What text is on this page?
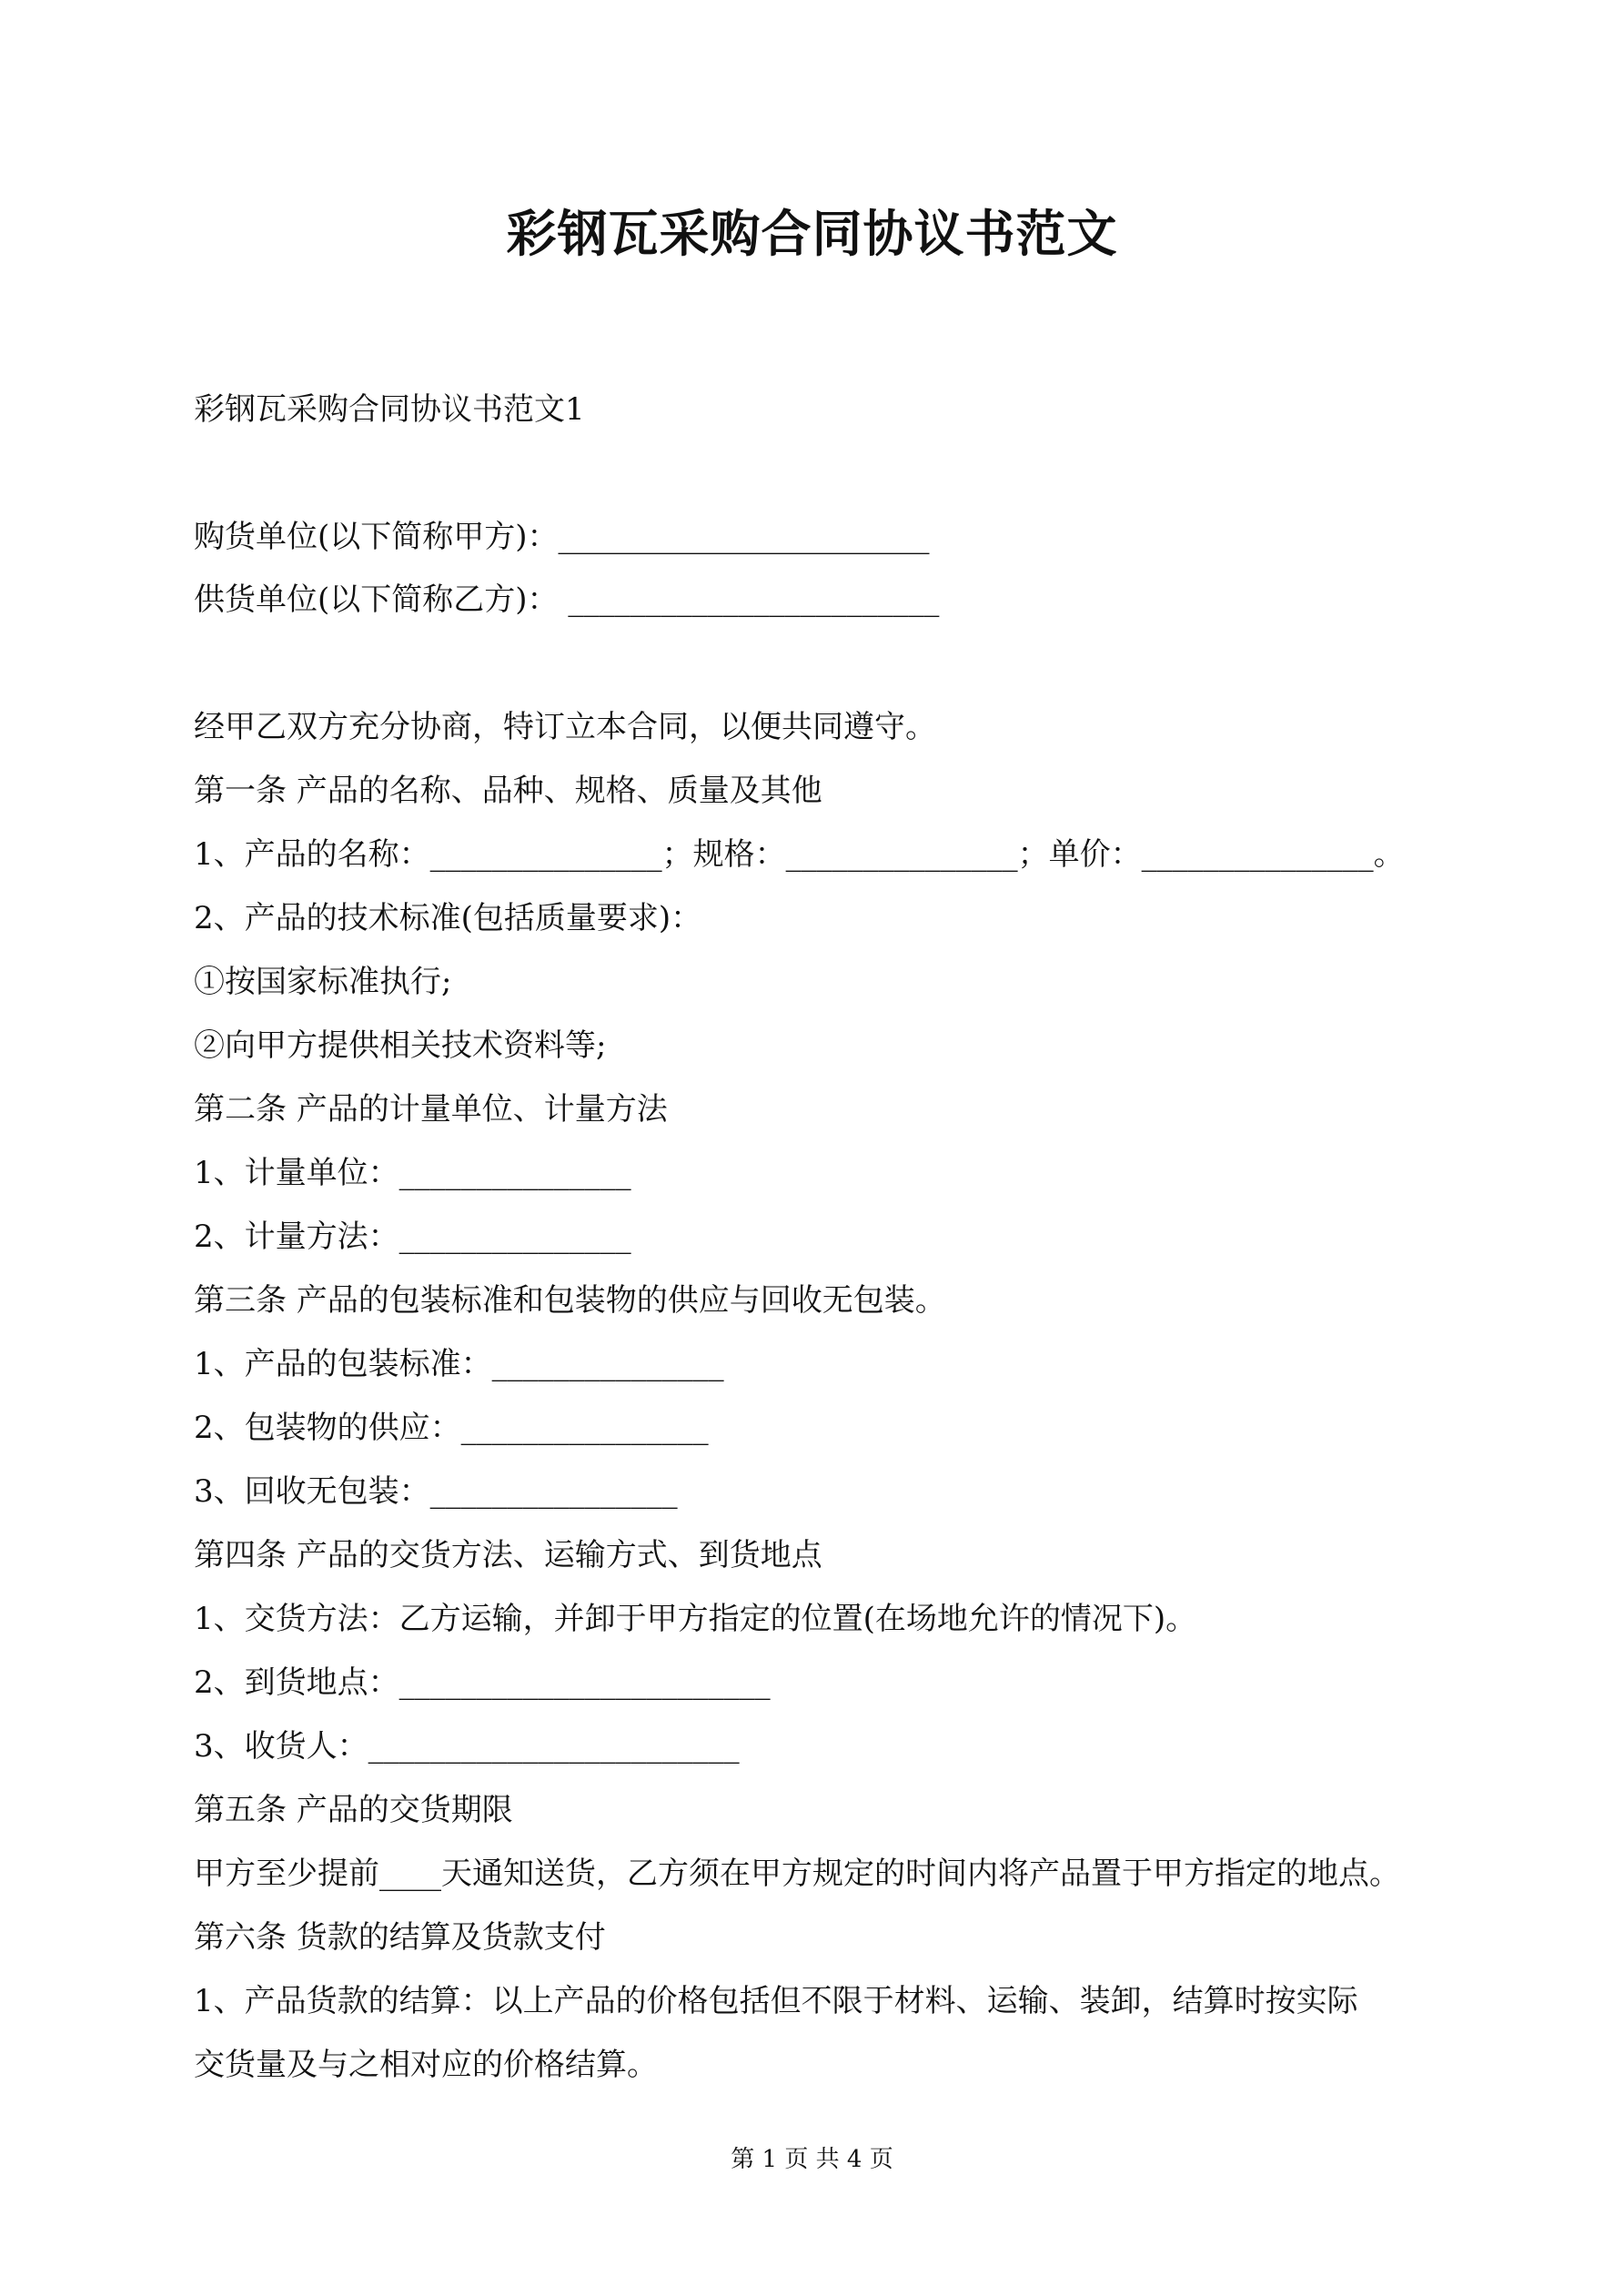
彩钢瓦采购合同协议书范文
彩钢瓦采购合同协议书范文1
购货单位(以下简称甲方)：________________________
供货单位(以下简称乙方)： ________________________
经甲乙双方充分协商，特订立本合同，以便共同遵守。
第一条 产品的名称、品种、规格、质量及其他
1、产品的名称：_______________；规格：_______________；单价：_______________。
2、产品的技术标准(包括质量要求)：
①按国家标准执行;
②向甲方提供相关技术资料等;
第二条 产品的计量单位、计量方法
1、计量单位：_______________
2、计量方法：_______________
第三条 产品的包装标准和包装物的供应与回收无包装。
1、产品的包装标准：_______________
2、包装物的供应：________________
3、回收无包装：________________
第四条 产品的交货方法、运输方式、到货地点
1、交货方法：乙方运输，并卸于甲方指定的位置(在场地允许的情况下)。
2、到货地点：________________________
3、收货人：________________________
第五条 产品的交货期限
甲方至少提前____天通知送货，乙方须在甲方规定的时间内将产品置于甲方指定的地点。
第六条 货款的结算及货款支付
1、产品货款的结算：以上产品的价格包括但不限于材料、运输、装卸，结算时按实际
交货量及与之相对应的价格结算。
第 1 页 共 4 页
